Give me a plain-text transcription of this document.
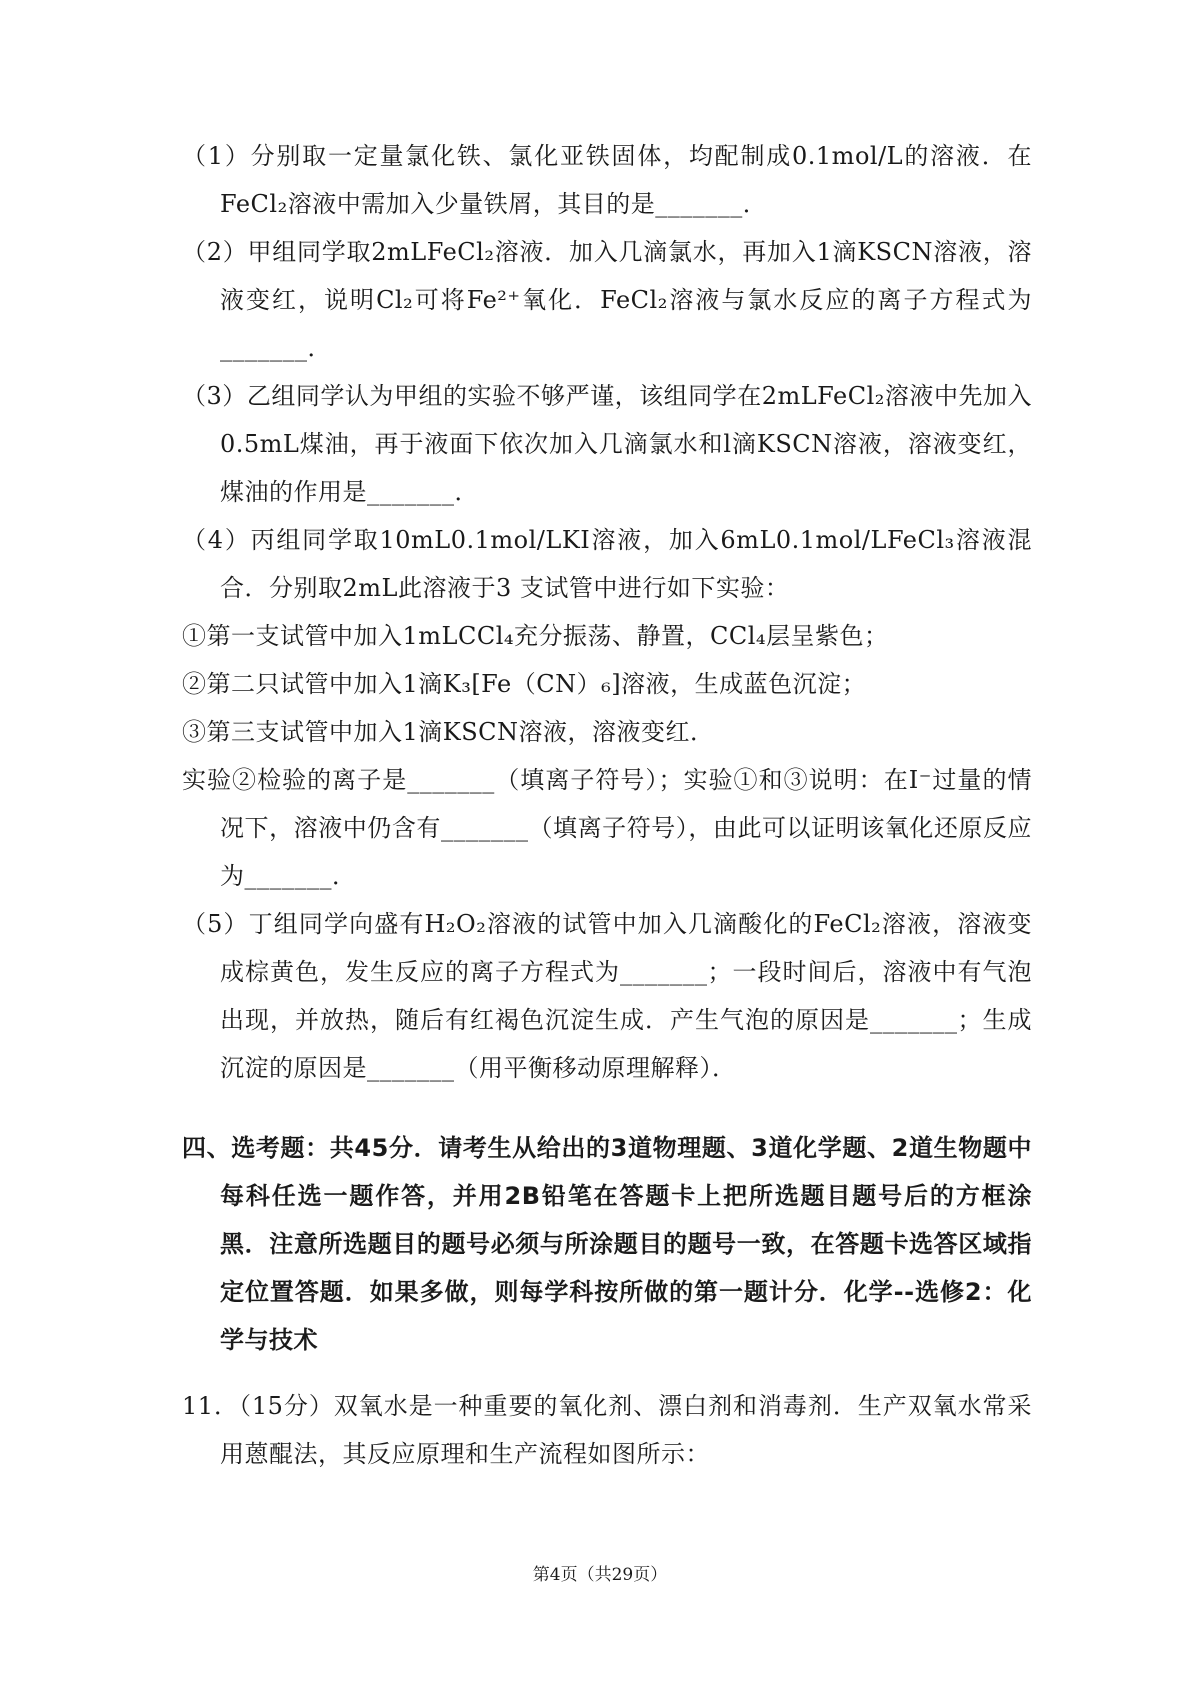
（1）分别取一定量氯化铁、氯化亚铁固体，均配制成0.1mol/L的溶液．在FeCl₂溶液中需加入少量铁屑，其目的是_______．
（2）甲组同学取2mLFeCl₂溶液．加入几滴氯水，再加入1滴KSCN溶液，溶液变红，说明Cl₂可将Fe²⁺氧化．FeCl₂溶液与氯水反应的离子方程式为_______．
（3）乙组同学认为甲组的实验不够严谨，该组同学在2mLFeCl₂溶液中先加入0.5mL煤油，再于液面下依次加入几滴氯水和l滴KSCN溶液，溶液变红，煤油的作用是_______．
（4）丙组同学取10mL0.1mol/LKI溶液，加入6mL0.1mol/LFeCl₃溶液混合．分别取2mL此溶液于3 支试管中进行如下实验：
①第一支试管中加入1mLCCl₄充分振荡、静置，CCl₄层呈紫色；
②第二只试管中加入1滴K₃[Fe（CN）₆]溶液，生成蓝色沉淀；
③第三支试管中加入1滴KSCN溶液，溶液变红．
实验②检验的离子是_______（填离子符号）；实验①和③说明：在I⁻过量的情况下，溶液中仍含有_______（填离子符号），由此可以证明该氧化还原反应为_______．
（5）丁组同学向盛有H₂O₂溶液的试管中加入几滴酸化的FeCl₂溶液，溶液变成棕黄色，发生反应的离子方程式为_______；一段时间后，溶液中有气泡出现，并放热，随后有红褐色沉淀生成．产生气泡的原因是_______；生成沉淀的原因是_______（用平衡移动原理解释）．
四、选考题：共45分．请考生从给出的3道物理题、3道化学题、2道生物题中每科任选一题作答，并用2B铅笔在答题卡上把所选题目题号后的方框涂黑．注意所选题目的题号必须与所涂题目的题号一致，在答题卡选答区域指定位置答题．如果多做，则每学科按所做的第一题计分．化学--选修2：化学与技术
11．（15分）双氧水是一种重要的氧化剂、漂白剂和消毒剂．生产双氧水常采用蒽醌法，其反应原理和生产流程如图所示：
第4页（共29页）
